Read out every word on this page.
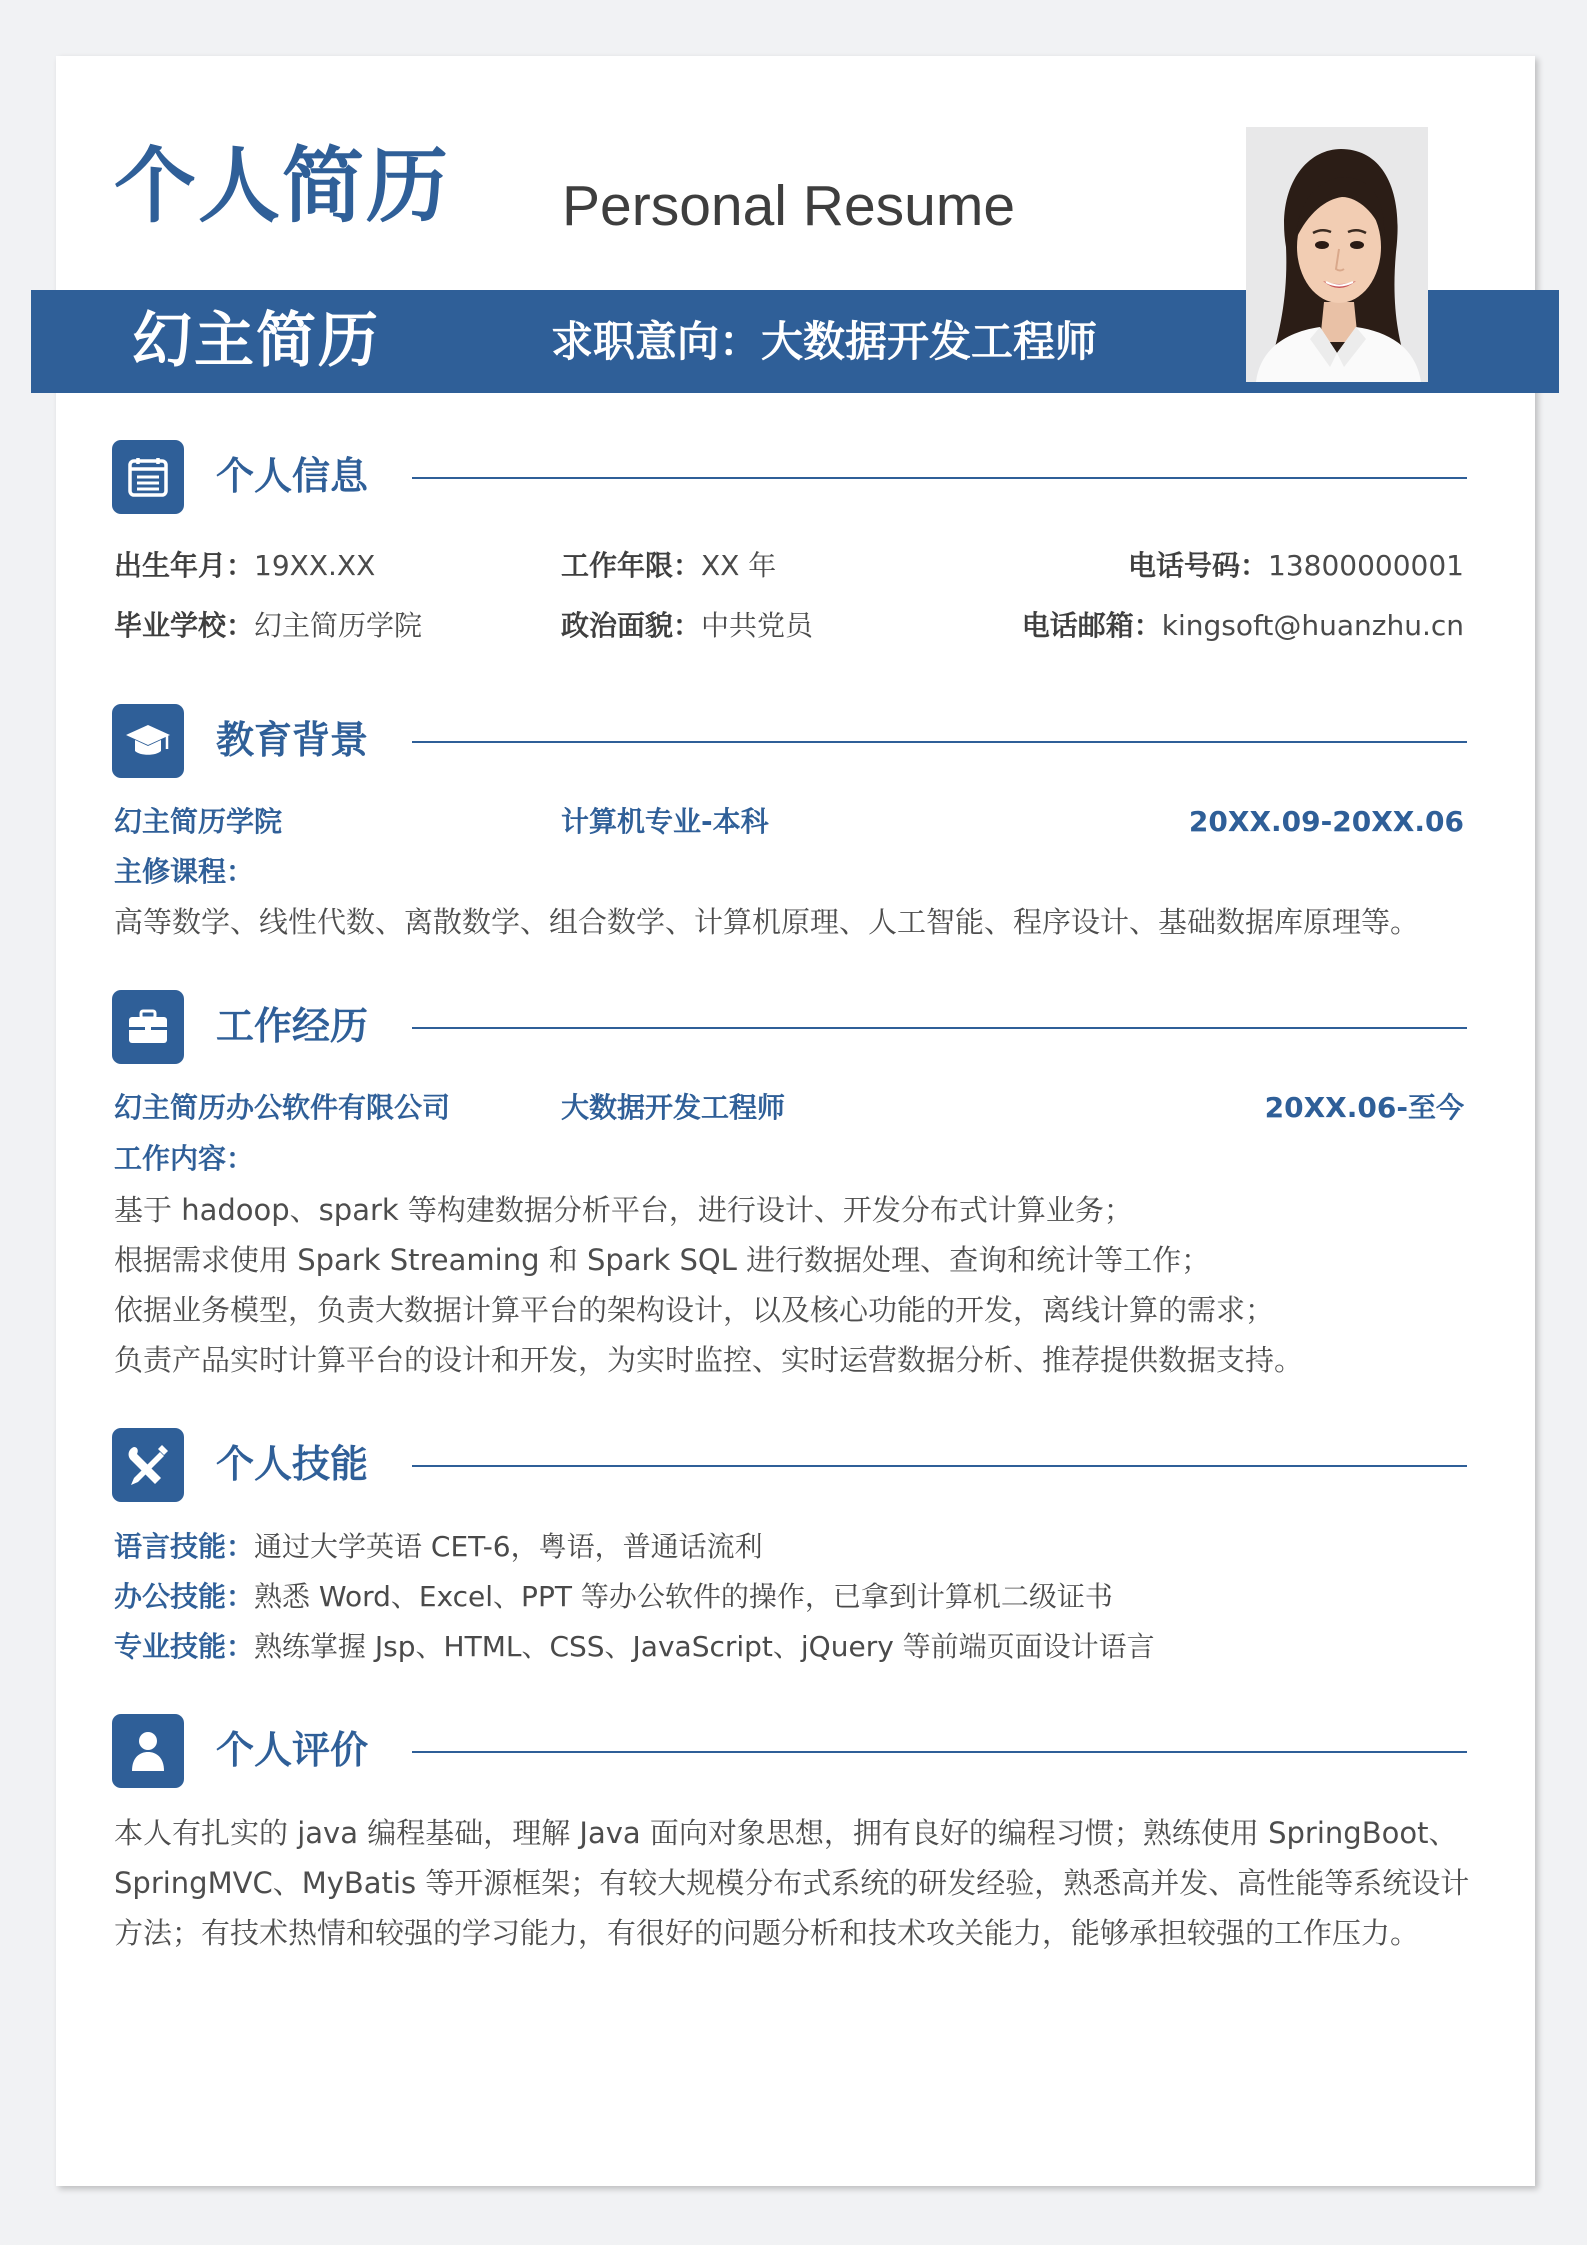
个人简历 Personal Resume
幻主简历	求职意向：大数据开发工程师
个人信息
出生年月：19XX.XX	工作年限：XX 年	电话号码：13800000001
毕业学校：幻主简历学院	政治面貌：中共党员	电话邮箱：kingsoft@huanzhu.cn
教育背景
幻主简历学院	计算机专业-本科	20XX.09-20XX.06
主修课程：
高等数学、线性代数、离散数学、组合数学、计算机原理、人工智能、程序设计、基础数据库原理等。
工作经历
幻主简历办公软件有限公司	大数据开发工程师	20XX.06-至今
工作内容：
基于 hadoop、spark 等构建数据分析平台，进行设计、开发分布式计算业务；
根据需求使用 Spark Streaming 和 Spark SQL 进行数据处理、查询和统计等工作；
依据业务模型，负责大数据计算平台的架构设计，以及核心功能的开发，离线计算的需求；
负责产品实时计算平台的设计和开发，为实时监控、实时运营数据分析、推荐提供数据支持。
个人技能
语言技能：通过大学英语 CET-6，粤语，普通话流利
办公技能：熟悉 Word、Excel、PPT 等办公软件的操作，已拿到计算机二级证书
专业技能：熟练掌握 Jsp、HTML、CSS、JavaScript、jQuery 等前端页面设计语言
个人评价
本人有扎实的 java 编程基础，理解 Java 面向对象思想，拥有良好的编程习惯；熟练使用 SpringBoot、
SpringMVC、MyBatis 等开源框架；有较大规模分布式系统的研发经验，熟悉高并发、高性能等系统设计
方法；有技术热情和较强的学习能力，有很好的问题分析和技术攻关能力，能够承担较强的工作压力。
